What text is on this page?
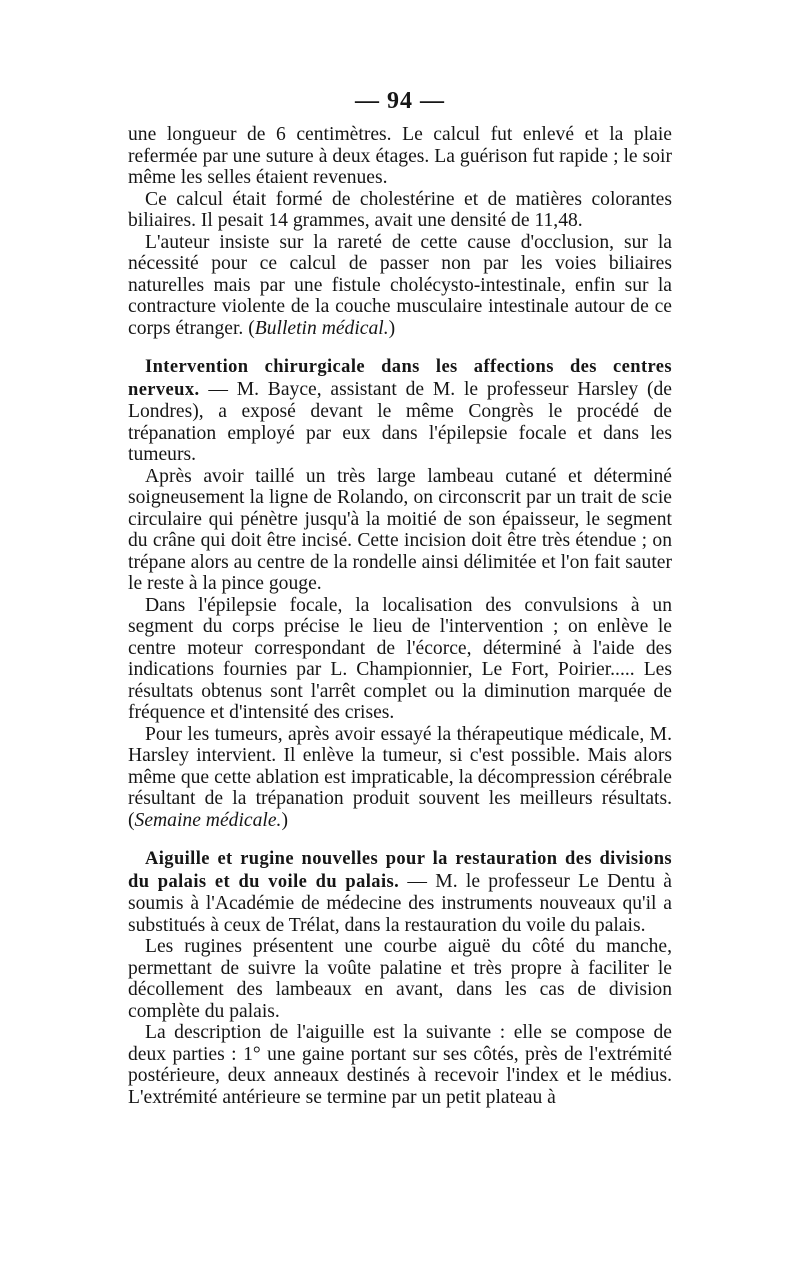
— 94 —

une longueur de 6 centimètres. Le calcul fut enlevé et la plaie refermée par une suture à deux étages. La guérison fut rapide ; le soir même les selles étaient revenues.

Ce calcul était formé de cholestérine et de matières colorantes biliaires. Il pesait 14 grammes, avait une densité de 11,48.

L'auteur insiste sur la rareté de cette cause d'occlusion, sur la nécessité pour ce calcul de passer non par les voies biliaires naturelles mais par une fistule cholécysto-intestinale, enfin sur la contracture violente de la couche musculaire intestinale autour de ce corps étranger. (Bulletin médical.)

Intervention chirurgicale dans les affections des centres nerveux. — M. Bayce, assistant de M. le professeur Harsley (de Londres), a exposé devant le même Congrès le procédé de trépanation employé par eux dans l'épilepsie focale et dans les tumeurs.

Après avoir taillé un très large lambeau cutané et déterminé soigneusement la ligne de Rolando, on circonscrit par un trait de scie circulaire qui pénètre jusqu'à la moitié de son épaisseur, le segment du crâne qui doit être incisé. Cette incision doit être très étendue ; on trépane alors au centre de la rondelle ainsi délimitée et l'on fait sauter le reste à la pince gouge.

Dans l'épilepsie focale, la localisation des convulsions à un segment du corps précise le lieu de l'intervention ; on enlève le centre moteur correspondant de l'écorce, déterminé à l'aide des indications fournies par L. Championnier, Le Fort, Poirier..... Les résultats obtenus sont l'arrêt complet ou la diminution marquée de fréquence et d'intensité des crises.

Pour les tumeurs, après avoir essayé la thérapeutique médicale, M. Harsley intervient. Il enlève la tumeur, si c'est possible. Mais alors même que cette ablation est impraticable, la décompression cérébrale résultant de la trépanation produit souvent les meilleurs résultats. (Semaine médicale.)

Aiguille et rugine nouvelles pour la restauration des divisions du palais et du voile du palais. — M. le professeur Le Dentu à soumis à l'Académie de médecine des instruments nouveaux qu'il a substitués à ceux de Trélat, dans la restauration du voile du palais.

Les rugines présentent une courbe aiguë du côté du manche, permettant de suivre la voûte palatine et très propre à faciliter le décollement des lambeaux en avant, dans les cas de division complète du palais.

La description de l'aiguille est la suivante : elle se compose de deux parties : 1° une gaine portant sur ses côtés, près de l'extrémité postérieure, deux anneaux destinés à recevoir l'index et le médius. L'extrémité antérieure se termine par un petit plateau à
